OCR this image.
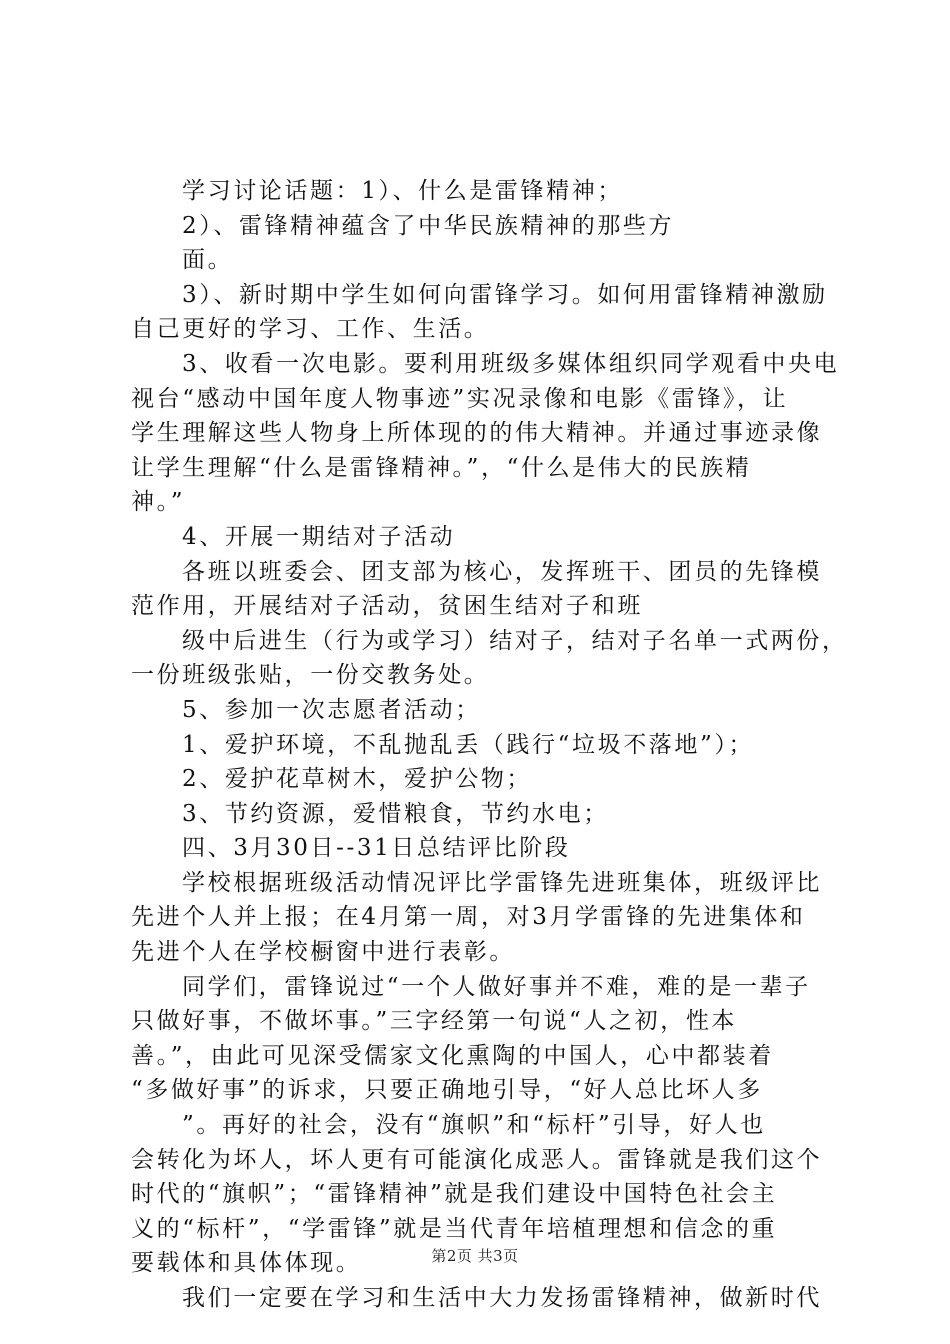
学习讨论话题：1）、什么是雷锋精神；
2）、雷锋精神蕴含了中华民族精神的那些方
面。
3）、新时期中学生如何向雷锋学习。如何用雷锋精神激励
自己更好的学习、工作、生活。
3、收看一次电影。要利用班级多媒体组织同学观看中央电
视台“感动中国年度人物事迹”实况录像和电影《雷锋》，让
学生理解这些人物身上所体现的的伟大精神。并通过事迹录像
让学生理解“什么是雷锋精神。”，“什么是伟大的民族精
神。”
4、开展一期结对子活动
各班以班委会、团支部为核心，发挥班干、团员的先锋模
范作用，开展结对子活动，贫困生结对子和班
级中后进生（行为或学习）结对子，结对子名单一式两份，
一份班级张贴，一份交教务处。
5、参加一次志愿者活动；
1、爱护环境，不乱抛乱丢（践行“垃圾不落地”）；
2、爱护花草树木，爱护公物；
3、节约资源，爱惜粮食，节约水电；
四、3月30日--31日总结评比阶段
学校根据班级活动情况评比学雷锋先进班集体，班级评比
先进个人并上报；在4月第一周，对3月学雷锋的先进集体和
先进个人在学校橱窗中进行表彰。
同学们，雷锋说过“一个人做好事并不难，难的是一辈子
只做好事，不做坏事。”三字经第一句说“人之初，性本
善。”，由此可见深受儒家文化熏陶的中国人，心中都装着
“多做好事”的诉求，只要正确地引导，“好人总比坏人多
”。再好的社会，没有“旗帜”和“标杆”引导，好人也
会转化为坏人，坏人更有可能演化成恶人。雷锋就是我们这个
时代的“旗帜”；“雷锋精神”就是我们建设中国特色社会主
义的“标杆”，“学雷锋”就是当代青年培植理想和信念的重
要载体和具体体现。
我们一定要在学习和生活中大力发扬雷锋精神，做新时代
第2页 共3页
